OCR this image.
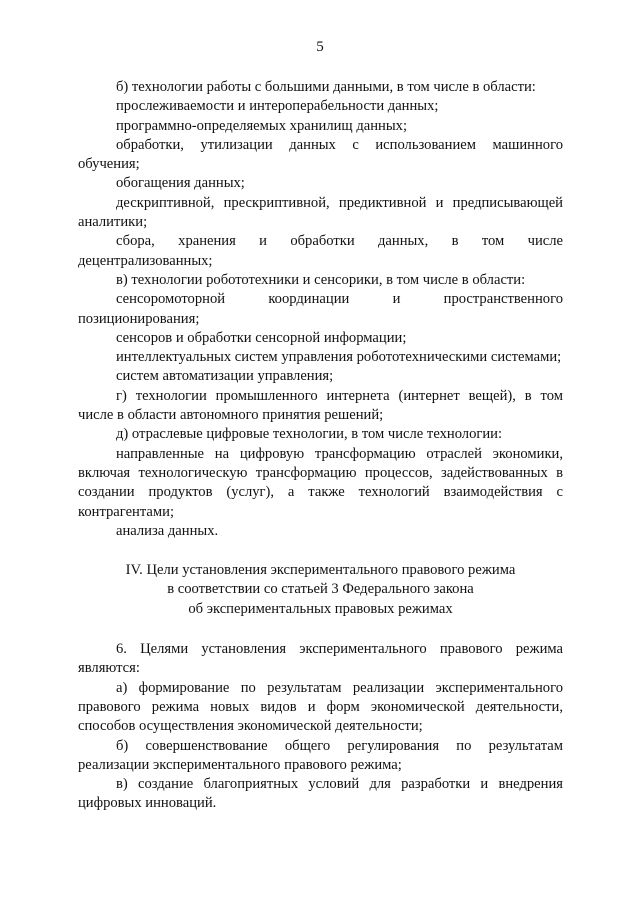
5

б) технологии работы с большими данными, в том числе в области:

прослеживаемости и интероперабельности данных;

программно-определяемых хранилищ данных;

обработки, утилизации данных с использованием машинного обучения;

обогащения данных;

дескриптивной, прескриптивной, предиктивной и предписывающей аналитики;

сбора, хранения и обработки данных, в том числе децентрализованных;

в) технологии робототехники и сенсорики, в том числе в области:

сенсоромоторной координации и пространственного позиционирования;

сенсоров и обработки сенсорной информации;

интеллектуальных систем управления робототехническими системами;

систем автоматизации управления;

г) технологии промышленного интернета (интернет вещей), в том числе в области автономного принятия решений;

д) отраслевые цифровые технологии, в том числе технологии:

направленные на цифровую трансформацию отраслей экономики, включая технологическую трансформацию процессов, задействованных в создании продуктов (услуг), а также технологий взаимодействия с контрагентами;

анализа данных.

IV. Цели установления экспериментального правового режима
в соответствии со статьей 3 Федерального закона
об экспериментальных правовых режимах

6. Целями установления экспериментального правового режима являются:

а) формирование по результатам реализации экспериментального правового режима новых видов и форм экономической деятельности, способов осуществления экономической деятельности;

б) совершенствование общего регулирования по результатам реализации экспериментального правового режима;

в) создание благоприятных условий для разработки и внедрения цифровых инноваций.
